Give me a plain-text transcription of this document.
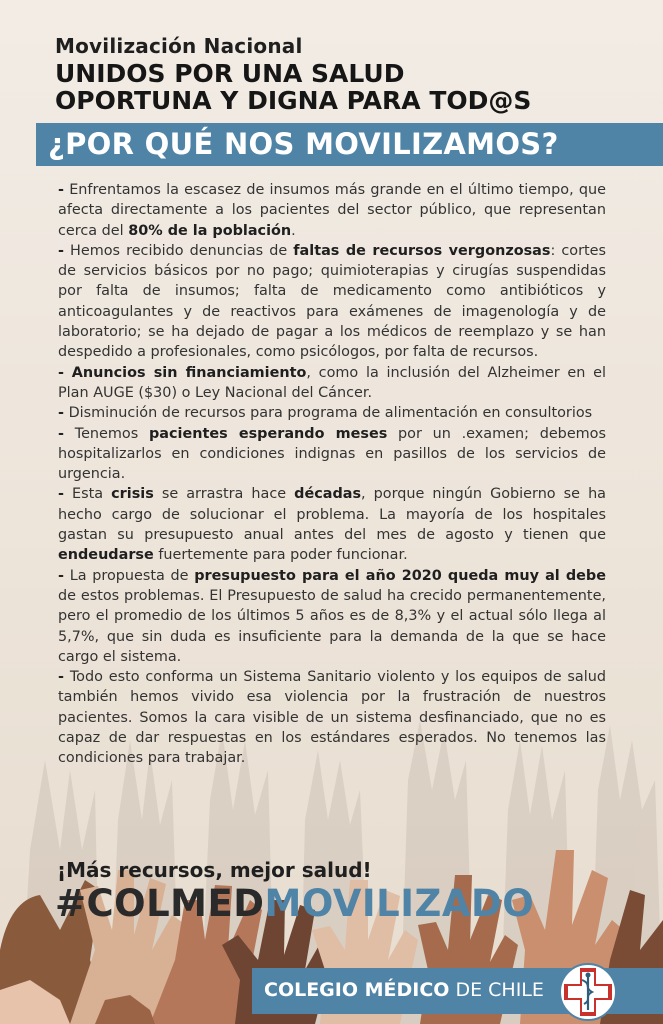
Movilización Nacional
UNIDOS POR UNA SALUD
OPORTUNA Y DIGNA PARA TOD@S
¿POR QUÉ NOS MOVILIZAMOS?

- Enfrentamos la escasez de insumos más grande en el último tiempo, que afecta directamente a los pacientes del sector público, que representan cerca del 80% de la población.

- Hemos recibido denuncias de faltas de recursos vergonzosas: cortes de servicios básicos por no pago; quimioterapias y cirugías suspendidas por falta de insumos; falta de medicamento como antibióticos y anticoagulantes y de reactivos para exámenes de imagenología y de laboratorio; se ha dejado de pagar a los médicos de reemplazo y se han despedido a profesionales, como psicólogos, por falta de recursos.

- Anuncios sin financiamiento, como la inclusión del Alzheimer en el Plan AUGE ($30) o Ley Nacional del Cáncer.

- Disminución de recursos para programa de alimentación en consultorios

- Tenemos pacientes esperando meses por un .examen; debemos hospitalizarlos en condiciones indignas en pasillos de los servicios de urgencia.

- Esta crisis se arrastra hace décadas, porque ningún Gobierno se ha hecho cargo de solucionar el problema. La mayoría de los hospitales gastan su presupuesto anual antes del mes de agosto y tienen que endeudarse fuertemente para poder funcionar.

- La propuesta de presupuesto para el año 2020 queda muy al debe de estos problemas. El Presupuesto de salud ha crecido permanentemente, pero el promedio de los últimos 5 años es de 8,3% y el actual sólo llega al 5,7%, que sin duda es insuficiente para la demanda de la que se hace cargo el sistema.

- Todo esto conforma un Sistema Sanitario violento y los equipos de salud también hemos vivido esa violencia por la frustración de nuestros pacientes. Somos la cara visible de un sistema desfinanciado, que no es capaz de dar respuestas en los estándares esperados. No tenemos las condiciones para trabajar.

¡Más recursos, mejor salud!
#COLMEDMOVILIZADO
COLEGIO MÉDICO DE CHILE
